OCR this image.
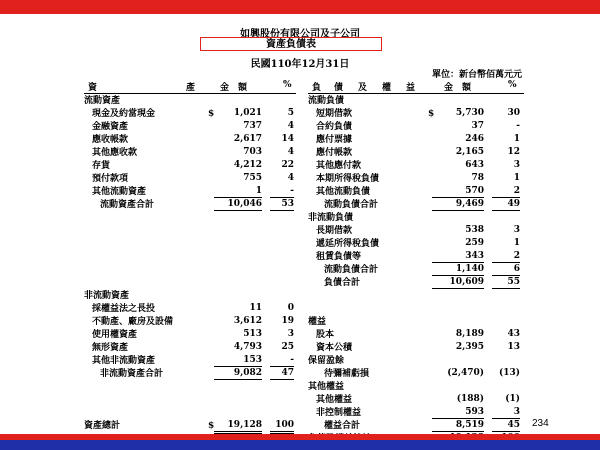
如興股份有限公司及子公司
資產負債表
民國110年12月31日
單位：新台幣佰萬元元
資	產	金　額	% 負 債 及 權 益	金　額	%
流動資產
現金及約當現金	$	1,021	5
金融資產	737	4
應收帳款	2,617	14
其他應收款	703	4
存貨	4,212	22
預付款項	755	4
其他流動資產	1	-
流動資產合計	10,046	53
非流動資產
採權益法之長投	11	0
不動產、廠房及設備	3,612	19
使用權資產	513	3
無形資產	4,793	25
其他非流動資產	153	-
非流動資產合計	9,082	47
資產總計	$	19,128	100
流動負債
短期借款	$	5,730	30
合約負債	37	-
應付票據	246	1
應付帳款	2,165	12
其他應付款	643	3
本期所得稅負債	78	1
其他流動負債	570	2
流動負債合計	9,469	49
非流動負債
長期借款	538	3
遞延所得稅負債	259	1
租賃負債等	343	2
流動負債合計	1,140	6
負債合計	10,609	55
權益
股本	8,189	43
資本公積	2,395	13
保留盈餘
待彌補虧損	(2,470)	(13)
其他權益
其他權益	(188)	(1)
非控制權益	593	3
權益合計	8,519	45 234
